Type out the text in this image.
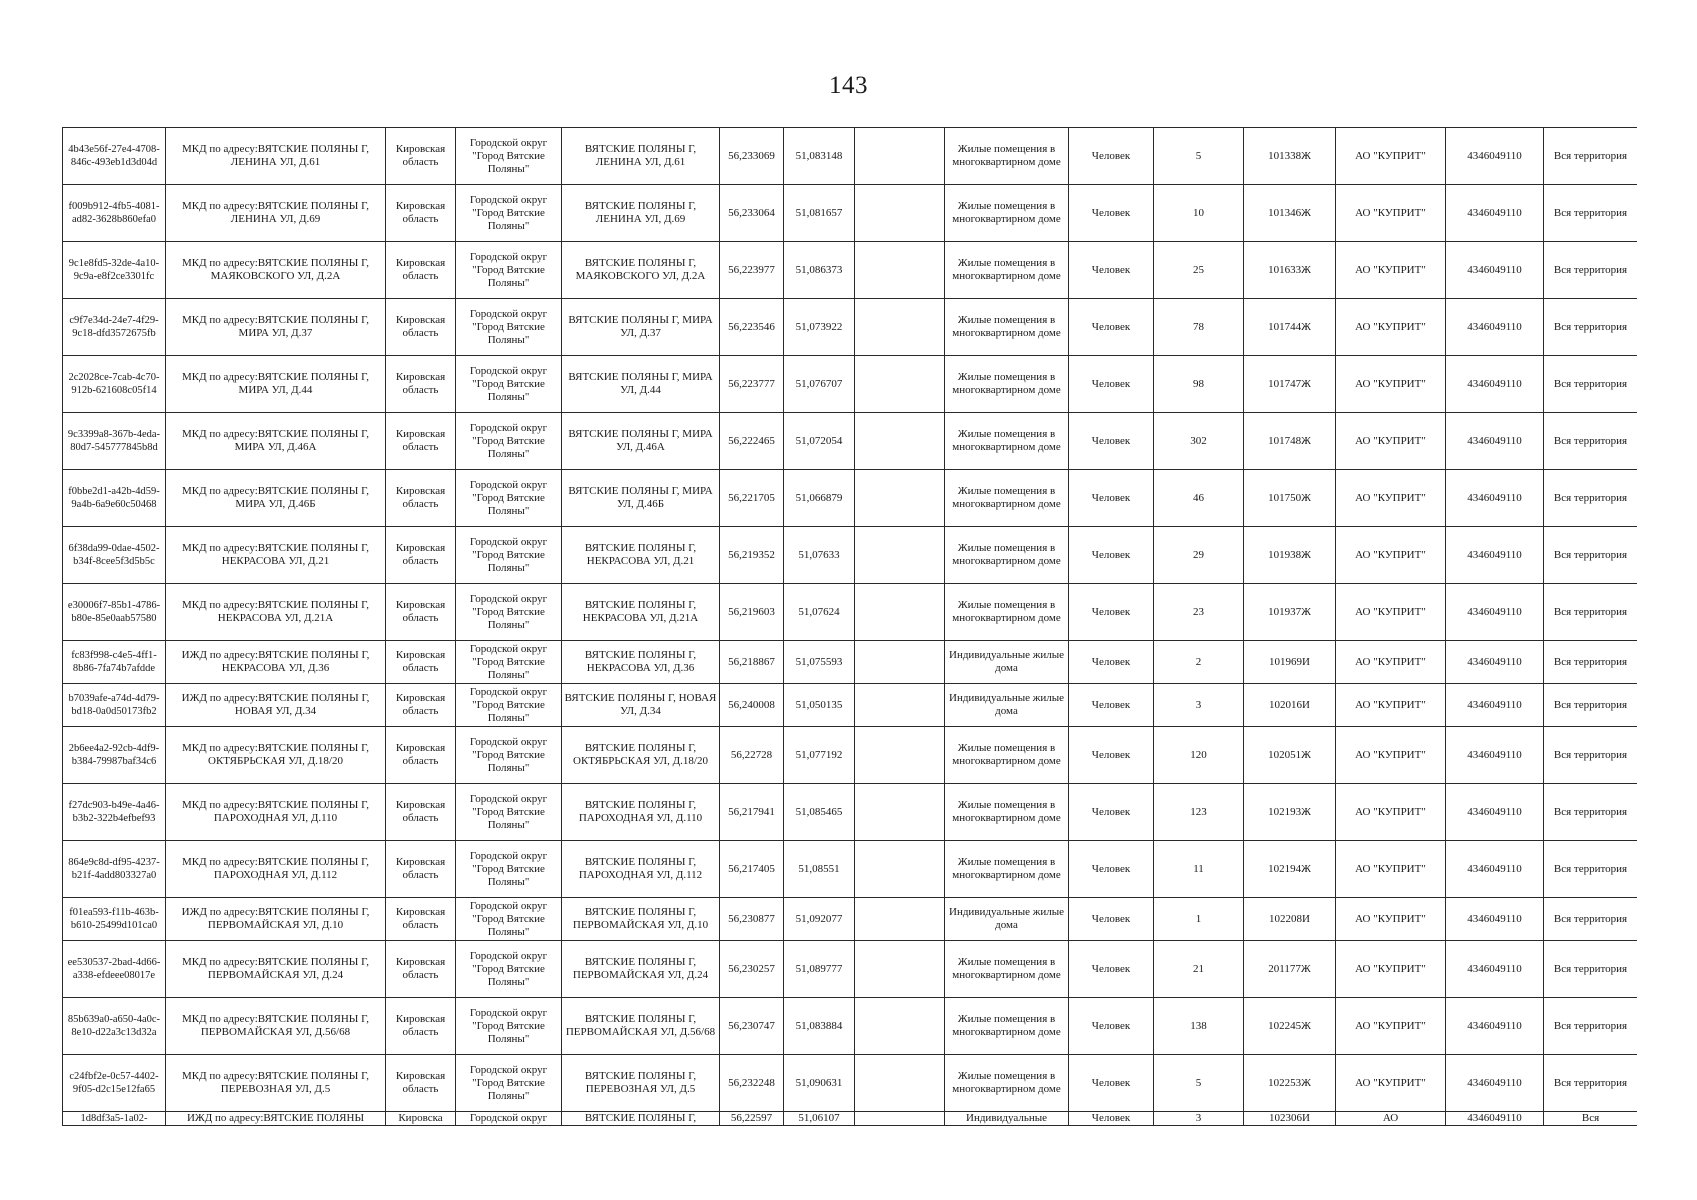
143
4b43e56f-27e4-4708-846c-493eb1d3d04d	МКД по адресу:ВЯТСКИЕ ПОЛЯНЫ Г, ЛЕНИНА УЛ, Д.61	Кировская область	Городской округ "Город Вятские Поляны"	ВЯТСКИЕ ПОЛЯНЫ Г, ЛЕНИНА УЛ, Д.61	56,233069	51,083148		Жилые помещения в многоквартирном доме	Человек	5	101338Ж	АО "КУПРИТ"	4346049110	Вся территория
f009b912-4fb5-4081-ad82-3628b860efa0	МКД по адресу:ВЯТСКИЕ ПОЛЯНЫ Г, ЛЕНИНА УЛ, Д.69	Кировская область	Городской округ "Город Вятские Поляны"	ВЯТСКИЕ ПОЛЯНЫ Г, ЛЕНИНА УЛ, Д.69	56,233064	51,081657		Жилые помещения в многоквартирном доме	Человек	10	101346Ж	АО "КУПРИТ"	4346049110	Вся территория
9c1e8fd5-32de-4a10-9c9a-e8f2ce3301fc	МКД по адресу:ВЯТСКИЕ ПОЛЯНЫ Г, МАЯКОВСКОГО УЛ, Д.2А	Кировская область	Городской округ "Город Вятские Поляны"	ВЯТСКИЕ ПОЛЯНЫ Г, МАЯКОВСКОГО УЛ, Д.2А	56,223977	51,086373		Жилые помещения в многоквартирном доме	Человек	25	101633Ж	АО "КУПРИТ"	4346049110	Вся территория
c9f7e34d-24e7-4f29-9c18-dfd3572675fb	МКД по адресу:ВЯТСКИЕ ПОЛЯНЫ Г, МИРА УЛ, Д.37	Кировская область	Городской округ "Город Вятские Поляны"	ВЯТСКИЕ ПОЛЯНЫ Г, МИРА УЛ, Д.37	56,223546	51,073922		Жилые помещения в многоквартирном доме	Человек	78	101744Ж	АО "КУПРИТ"	4346049110	Вся территория
2c2028ce-7cab-4c70-912b-621608c05f14	МКД по адресу:ВЯТСКИЕ ПОЛЯНЫ Г, МИРА УЛ, Д.44	Кировская область	Городской округ "Город Вятские Поляны"	ВЯТСКИЕ ПОЛЯНЫ Г, МИРА УЛ, Д.44	56,223777	51,076707		Жилые помещения в многоквартирном доме	Человек	98	101747Ж	АО "КУПРИТ"	4346049110	Вся территория
9c3399a8-367b-4eda-80d7-545777845b8d	МКД по адресу:ВЯТСКИЕ ПОЛЯНЫ Г, МИРА УЛ, Д.46А	Кировская область	Городской округ "Город Вятские Поляны"	ВЯТСКИЕ ПОЛЯНЫ Г, МИРА УЛ, Д.46А	56,222465	51,072054		Жилые помещения в многоквартирном доме	Человек	302	101748Ж	АО "КУПРИТ"	4346049110	Вся территория
f0bbe2d1-a42b-4d59-9a4b-6a9e60c50468	МКД по адресу:ВЯТСКИЕ ПОЛЯНЫ Г, МИРА УЛ, Д.46Б	Кировская область	Городской округ "Город Вятские Поляны"	ВЯТСКИЕ ПОЛЯНЫ Г, МИРА УЛ, Д.46Б	56,221705	51,066879		Жилые помещения в многоквартирном доме	Человек	46	101750Ж	АО "КУПРИТ"	4346049110	Вся территория
6f38da99-0dae-4502-b34f-8cee5f3d5b5c	МКД по адресу:ВЯТСКИЕ ПОЛЯНЫ Г, НЕКРАСОВА УЛ, Д.21	Кировская область	Городской округ "Город Вятские Поляны"	ВЯТСКИЕ ПОЛЯНЫ Г, НЕКРАСОВА УЛ, Д.21	56,219352	51,07633		Жилые помещения в многоквартирном доме	Человек	29	101938Ж	АО "КУПРИТ"	4346049110	Вся территория
e30006f7-85b1-4786-b80e-85e0aab57580	МКД по адресу:ВЯТСКИЕ ПОЛЯНЫ Г, НЕКРАСОВА УЛ, Д.21А	Кировская область	Городской округ "Город Вятские Поляны"	ВЯТСКИЕ ПОЛЯНЫ Г, НЕКРАСОВА УЛ, Д.21А	56,219603	51,07624		Жилые помещения в многоквартирном доме	Человек	23	101937Ж	АО "КУПРИТ"	4346049110	Вся территория
fc83f998-c4e5-4ff1-8b86-7fa74b7afdde	ИЖД по адресу:ВЯТСКИЕ ПОЛЯНЫ Г, НЕКРАСОВА УЛ, Д.36	Кировская область	Городской округ "Город Вятские Поляны"	ВЯТСКИЕ ПОЛЯНЫ Г, НЕКРАСОВА УЛ, Д.36	56,218867	51,075593		Индивидуальные жилые дома	Человек	2	101969И	АО "КУПРИТ"	4346049110	Вся территория
b7039afe-a74d-4d79-bd18-0a0d50173fb2	ИЖД по адресу:ВЯТСКИЕ ПОЛЯНЫ Г, НОВАЯ УЛ, Д.34	Кировская область	Городской округ "Город Вятские Поляны"	ВЯТСКИЕ ПОЛЯНЫ Г, НОВАЯ УЛ, Д.34	56,240008	51,050135		Индивидуальные жилые дома	Человек	3	102016И	АО "КУПРИТ"	4346049110	Вся территория
2b6ee4a2-92cb-4df9-b384-79987baf34c6	МКД по адресу:ВЯТСКИЕ ПОЛЯНЫ Г, ОКТЯБРЬСКАЯ УЛ, Д.18/20	Кировская область	Городской округ "Город Вятские Поляны"	ВЯТСКИЕ ПОЛЯНЫ Г, ОКТЯБРЬСКАЯ УЛ, Д.18/20	56,22728	51,077192		Жилые помещения в многоквартирном доме	Человек	120	102051Ж	АО "КУПРИТ"	4346049110	Вся территория
f27dc903-b49e-4a46-b3b2-322b4efbef93	МКД по адресу:ВЯТСКИЕ ПОЛЯНЫ Г, ПАРОХОДНАЯ УЛ, Д.110	Кировская область	Городской округ "Город Вятские Поляны"	ВЯТСКИЕ ПОЛЯНЫ Г, ПАРОХОДНАЯ УЛ, Д.110	56,217941	51,085465		Жилые помещения в многоквартирном доме	Человек	123	102193Ж	АО "КУПРИТ"	4346049110	Вся территория
864e9c8d-df95-4237-b21f-4add803327a0	МКД по адресу:ВЯТСКИЕ ПОЛЯНЫ Г, ПАРОХОДНАЯ УЛ, Д.112	Кировская область	Городской округ "Город Вятские Поляны"	ВЯТСКИЕ ПОЛЯНЫ Г, ПАРОХОДНАЯ УЛ, Д.112	56,217405	51,08551		Жилые помещения в многоквартирном доме	Человек	11	102194Ж	АО "КУПРИТ"	4346049110	Вся территория
f01ea593-f11b-463b-b610-25499d101ca0	ИЖД по адресу:ВЯТСКИЕ ПОЛЯНЫ Г, ПЕРВОМАЙСКАЯ УЛ, Д.10	Кировская область	Городской округ "Город Вятские Поляны"	ВЯТСКИЕ ПОЛЯНЫ Г, ПЕРВОМАЙСКАЯ УЛ, Д.10	56,230877	51,092077		Индивидуальные жилые дома	Человек	1	102208И	АО "КУПРИТ"	4346049110	Вся территория
ee530537-2bad-4d66-a338-efdeee08017e	МКД по адресу:ВЯТСКИЕ ПОЛЯНЫ Г, ПЕРВОМАЙСКАЯ УЛ, Д.24	Кировская область	Городской округ "Город Вятские Поляны"	ВЯТСКИЕ ПОЛЯНЫ Г, ПЕРВОМАЙСКАЯ УЛ, Д.24	56,230257	51,089777		Жилые помещения в многоквартирном доме	Человек	21	201177Ж	АО "КУПРИТ"	4346049110	Вся территория
85b639a0-a650-4a0c-8e10-d22a3c13d32a	МКД по адресу:ВЯТСКИЕ ПОЛЯНЫ Г, ПЕРВОМАЙСКАЯ УЛ, Д.56/68	Кировская область	Городской округ "Город Вятские Поляны"	ВЯТСКИЕ ПОЛЯНЫ Г, ПЕРВОМАЙСКАЯ УЛ, Д.56/68	56,230747	51,083884		Жилые помещения в многоквартирном доме	Человек	138	102245Ж	АО "КУПРИТ"	4346049110	Вся территория
c24fbf2e-0c57-4402-9f05-d2c15e12fa65	МКД по адресу:ВЯТСКИЕ ПОЛЯНЫ Г, ПЕРЕВОЗНАЯ УЛ, Д.5	Кировская область	Городской округ "Город Вятские Поляны"	ВЯТСКИЕ ПОЛЯНЫ Г, ПЕРЕВОЗНАЯ УЛ, Д.5	56,232248	51,090631		Жилые помещения в многоквартирном доме	Человек	5	102253Ж	АО "КУПРИТ"	4346049110	Вся территория
1d8df3a5-1a02-	ИЖД по адресу:ВЯТСКИЕ ПОЛЯНЫ	Кировска	Городской округ	ВЯТСКИЕ ПОЛЯНЫ Г,	56,22597	51,06107		Индивидуальные	Человек	3	102306И	АО	4346049110	Вся
